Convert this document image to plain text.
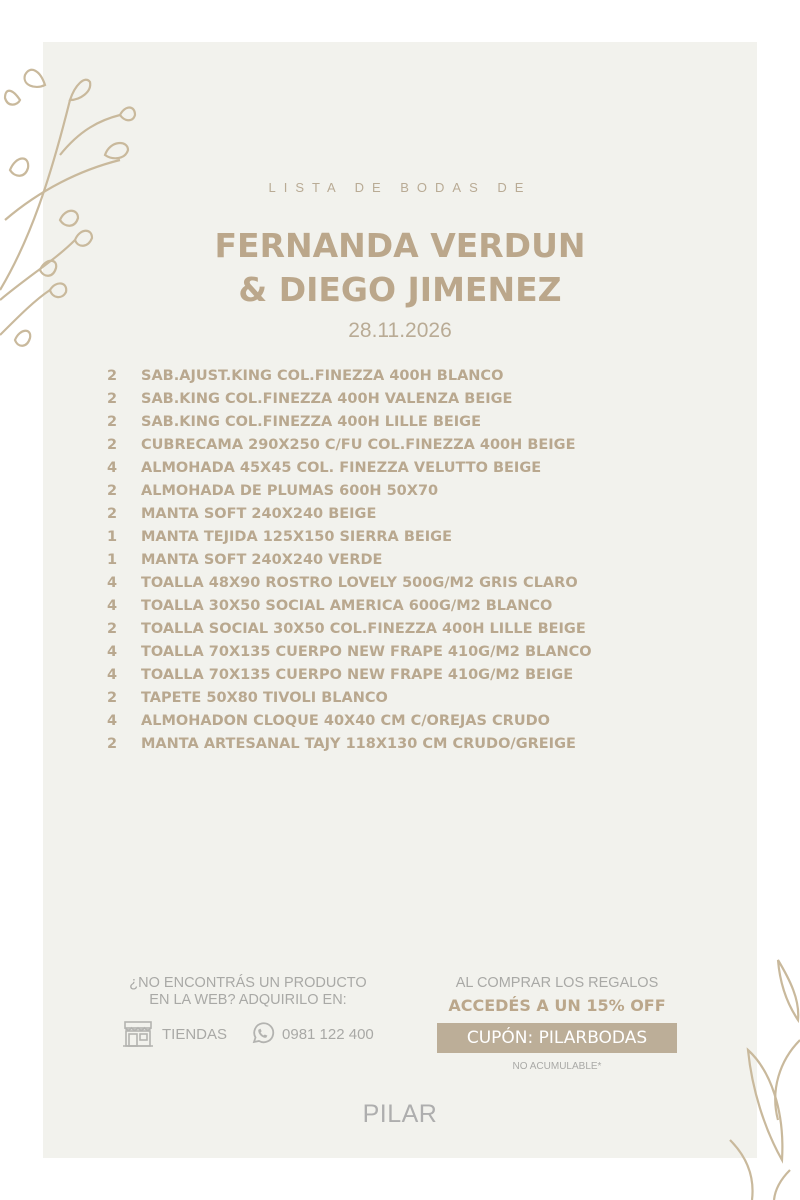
LISTA DE BODAS DE
FERNANDA VERDUN
& DIEGO JIMENEZ
28.11.2026
2	SAB.AJUST.KING COL.FINEZZA 400H BLANCO
2	SAB.KING COL.FINEZZA 400H VALENZA BEIGE
2	SAB.KING COL.FINEZZA 400H LILLE BEIGE
2	CUBRECAMA 290X250 C/FU COL.FINEZZA 400H BEIGE
4	ALMOHADA 45X45 COL. FINEZZA VELUTTO BEIGE
2	ALMOHADA DE PLUMAS 600H 50X70
2	MANTA SOFT 240X240 BEIGE
1	MANTA TEJIDA 125X150 SIERRA BEIGE
1	MANTA SOFT 240X240 VERDE
4	TOALLA 48X90 ROSTRO LOVELY 500G/M2 GRIS CLARO
4	TOALLA 30X50 SOCIAL AMERICA 600G/M2 BLANCO
2	TOALLA SOCIAL 30X50 COL.FINEZZA 400H LILLE BEIGE
4	TOALLA 70X135 CUERPO NEW FRAPE 410G/M2 BLANCO
4	TOALLA 70X135 CUERPO NEW FRAPE 410G/M2 BEIGE
2	TAPETE 50X80 TIVOLI BLANCO
4	ALMOHADON CLOQUE 40X40 CM C/OREJAS CRUDO
2	MANTA ARTESANAL TAJY 118X130 CM CRUDO/GREIGE
¿NO ENCONTRÁS UN PRODUCTO
EN LA WEB? ADQUIRILO EN:
TIENDAS	0981 122 400
AL COMPRAR LOS REGALOS
ACCEDÉS A UN 15% OFF
CUPÓN: PILARBODAS
NO ACUMULABLE*
PILAR
